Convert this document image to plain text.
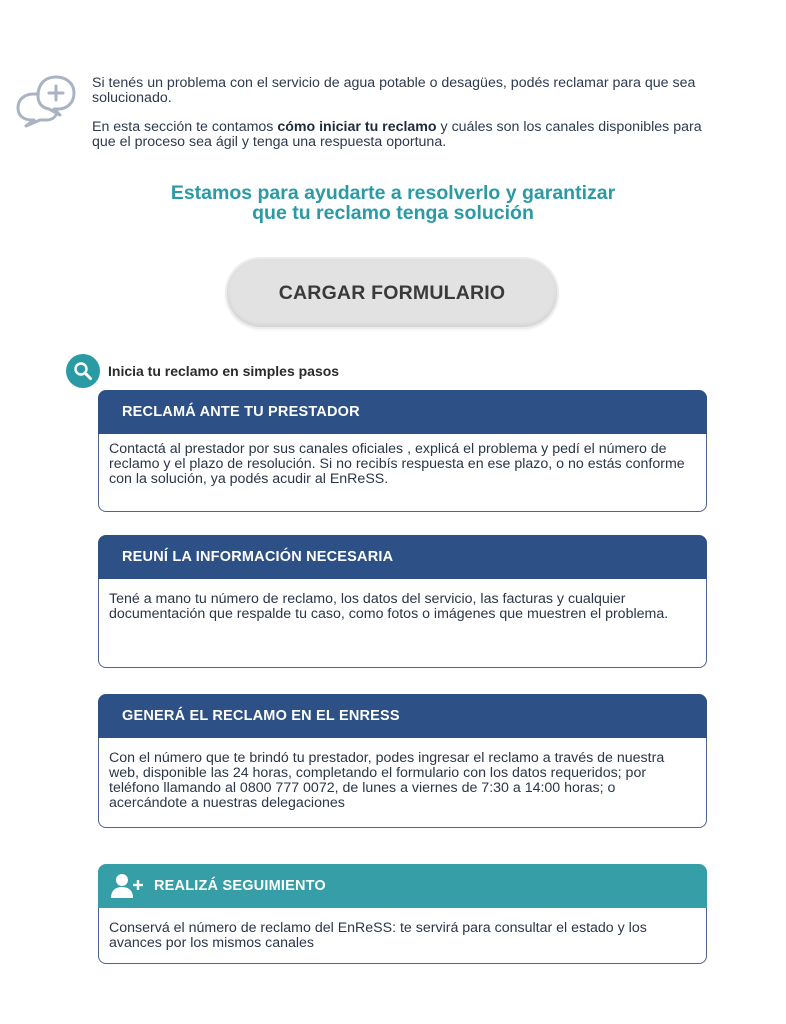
Si tenés un problema con el servicio de agua potable o desagües, podés reclamar para que sea solucionado.

En esta sección te contamos cómo iniciar tu reclamo y cuáles son los canales disponibles para que el proceso sea ágil y tenga una respuesta oportuna.

Estamos para ayudarte a resolverlo y garantizar
que tu reclamo tenga solución
CARGAR FORMULARIO
Inicia tu reclamo en simples pasos
RECLAMÁ ANTE TU PRESTADOR
Contactá al prestador por sus canales oficiales , explicá el problema y pedí el número de reclamo y el plazo de resolución. Si no recibís respuesta en ese plazo, o no estás conforme con la solución, ya podés acudir al EnReSS.
REUNÍ LA INFORMACIÓN NECESARIA
Tené a mano tu número de reclamo, los datos del servicio, las facturas y cualquier documentación que respalde tu caso, como fotos o imágenes que muestren el problema.
GENERÁ EL RECLAMO EN EL ENRESS
Con el número que te brindó tu prestador, podes ingresar el reclamo a través de nuestra web, disponible las 24 horas, completando el formulario con los datos requeridos; por teléfono llamando al 0800 777 0072, de lunes a viernes de 7:30 a 14:00 horas; o acercándote a nuestras delegaciones
REALIZÁ SEGUIMIENTO
Conservá el número de reclamo del EnReSS: te servirá para consultar el estado y los avances por los mismos canales
